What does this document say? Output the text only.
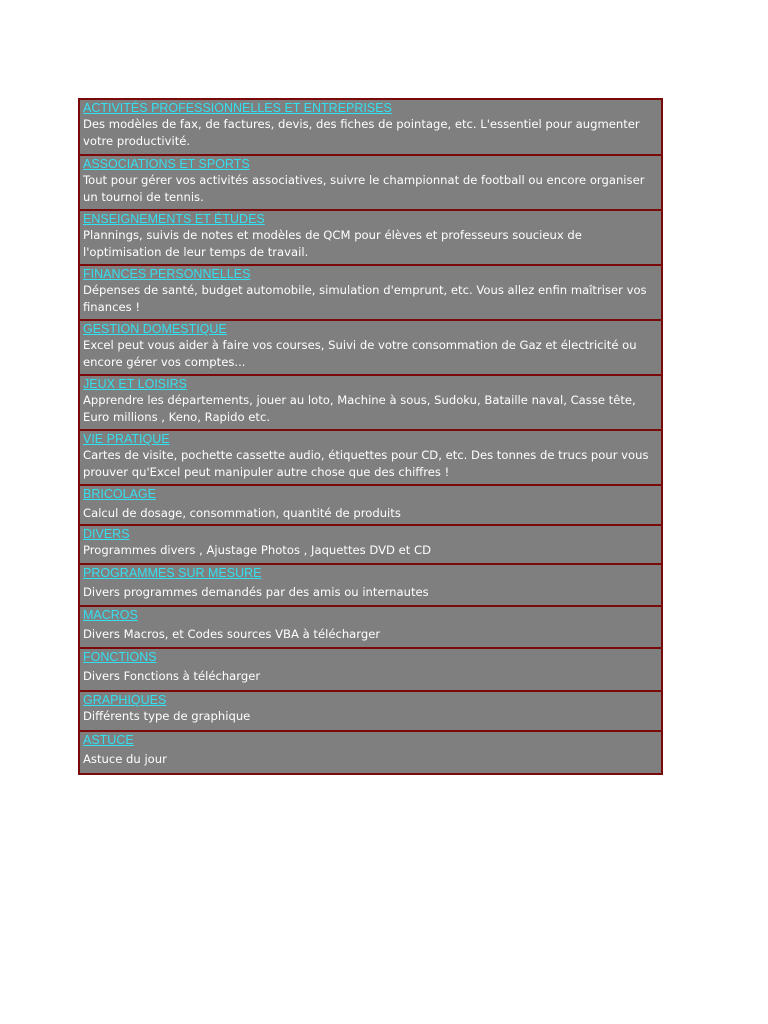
ACTIVITÉS PROFESSIONNELLES ET ENTREPRISES
Des modèles de fax, de factures, devis, des fiches de pointage, etc. L'essentiel pour augmenter votre productivité.
ASSOCIATIONS ET SPORTS
Tout pour gérer vos activités associatives, suivre le championnat de football ou encore organiser un tournoi de tennis.
ENSEIGNEMENTS ET ÉTUDES
Plannings, suivis de notes et modèles de QCM pour élèves et professeurs soucieux de l'optimisation de leur temps de travail.
FINANCES PERSONNELLES
Dépenses de santé, budget automobile, simulation d'emprunt, etc. Vous allez enfin maîtriser vos finances !
GESTION DOMESTIQUE
Excel peut vous aider à faire vos courses, Suivi de votre consommation de Gaz et électricité ou encore gérer vos comptes...
JEUX ET LOISIRS
Apprendre les départements, jouer au loto, Machine à sous, Sudoku, Bataille naval, Casse tête, Euro millions , Keno, Rapido etc.
VIE PRATIQUE
Cartes de visite, pochette cassette audio, étiquettes pour CD, etc. Des tonnes de trucs pour vous prouver qu'Excel peut manipuler autre chose que des chiffres !
BRICOLAGE
Calcul de dosage, consommation, quantité de produits
DIVERS
Programmes divers , Ajustage Photos , Jaquettes DVD et CD
PROGRAMMES SUR MESURE
Divers programmes demandés par des amis ou internautes
MACROS
Divers Macros, et Codes sources VBA à télécharger
FONCTIONS
Divers Fonctions à télécharger
GRAPHIQUES
Différents type de graphique
ASTUCE
Astuce du jour
